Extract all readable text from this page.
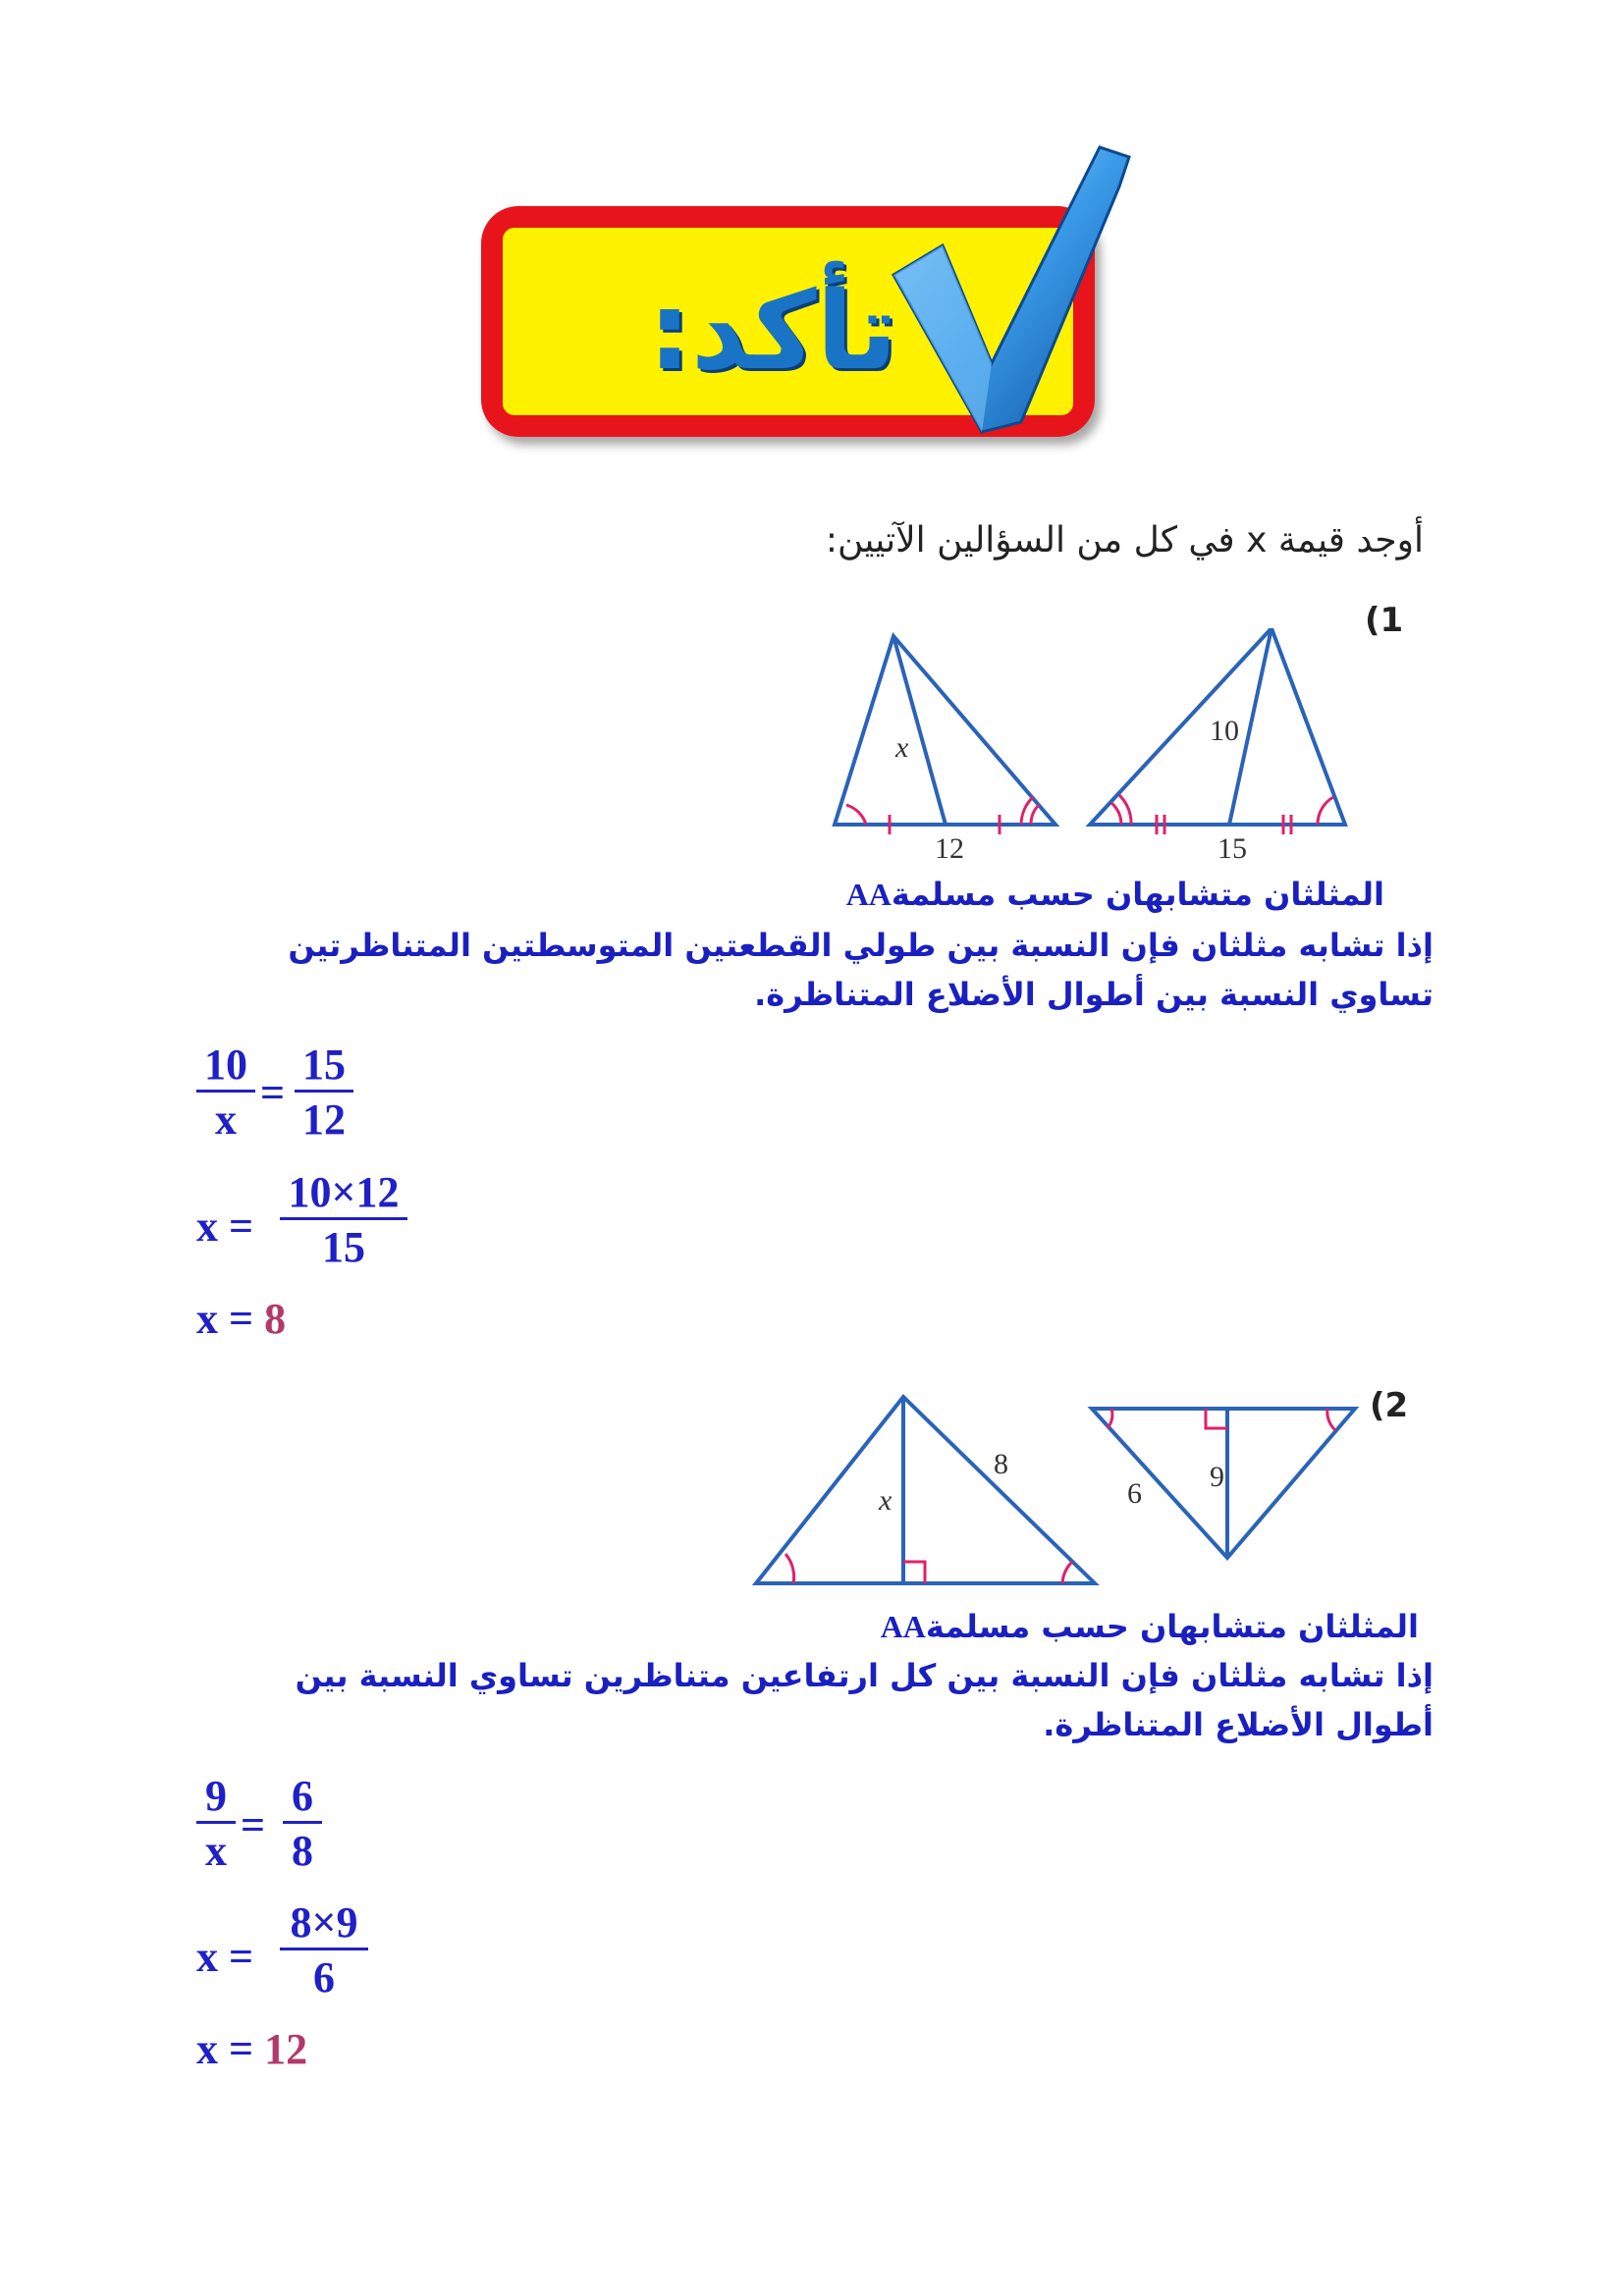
تأكد:
أوجد قيمة x في كل من السؤالين الآتيين:
(1
x
12
10
15
المثلثان متشابهان حسب مسلمةAA
إذا تشابه مثلثان فإن النسبة بين طولي القطعتين المتوسطتين المتناظرتين
تساوي النسبة بين أطوال الأضلاع المتناظرة.
10
x
=
15
12
x =
10×12
15
x = 8
(2
x
8	9
6
المثلثان متشابهان حسب مسلمةAA
إذا تشابه مثلثان فإن النسبة بين كل ارتفاعين متناظرين تساوي النسبة بين
أطوال الأضلاع المتناظرة.
9
x
=
6
8
x =
8×9
6
x = 12
